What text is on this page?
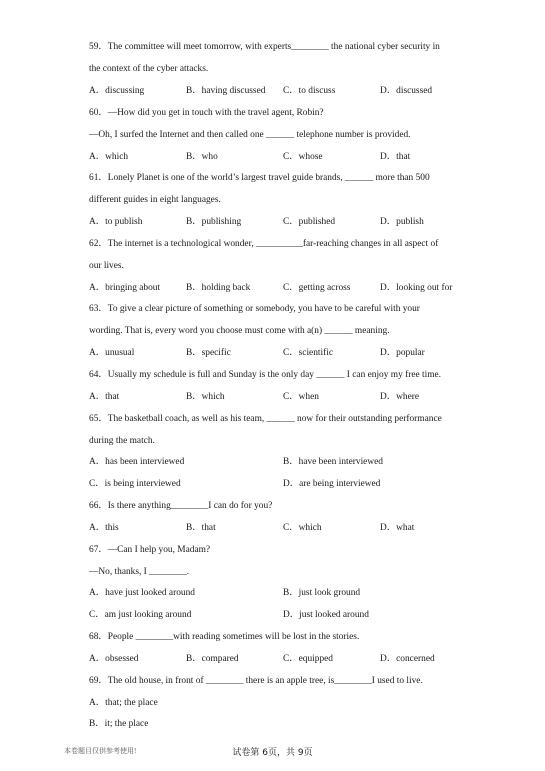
59．The committee will meet tomorrow, with experts________ the national cyber security in
the context of the cyber attacks.
A．discussing	B．having discussed C．to discuss	D．discussed
60．—How did you get in touch with the travel agent, Robin?
—Oh, I surfed the Internet and then called one ______ telephone number is provided.
A．which	B．who	C．whose	D．that
61．Lonely Planet is one of the world’s largest travel guide brands, ______ more than 500
different guides in eight languages.
A．to publish	B．publishing	C．published	D．publish
62．The internet is a technological wonder, __________far-reaching changes in all aspect of
our lives.
A．bringing about	B．holding back	C．getting across	D．looking out for
63．To give a clear picture of something or somebody, you have to be careful with your
wording. That is, every word you choose must come with a(n) ______ meaning.
A．unusual	B．specific	C．scientific	D．popular
64．Usually my schedule is full and Sunday is the only day ______ I can enjoy my free time.
A．that	B．which	C．when	D．where
65．The basketball coach, as well as his team, ______ now for their outstanding performance
during the match.
A．has been interviewed	B．have been interviewed
C．is being interviewed	D．are being interviewed
66．Is there anything________I can do for you?
A．this	B．that	C．which	D．what
67．—Can I help you, Madam?
—No, thanks, I ________.
A．have just looked around	B．just look ground
C．am just looking around	D．just looked around
68．People ________with reading sometimes will be lost in the stories.
A．obsessed	B．compared	C．equipped	D．concerned
69．The old house, in front of ________ there is an apple tree, is________I used to live.
A．that; the place
B．it; the place
本卷题目仅供参考使用!	试卷第 6页，共 9页
